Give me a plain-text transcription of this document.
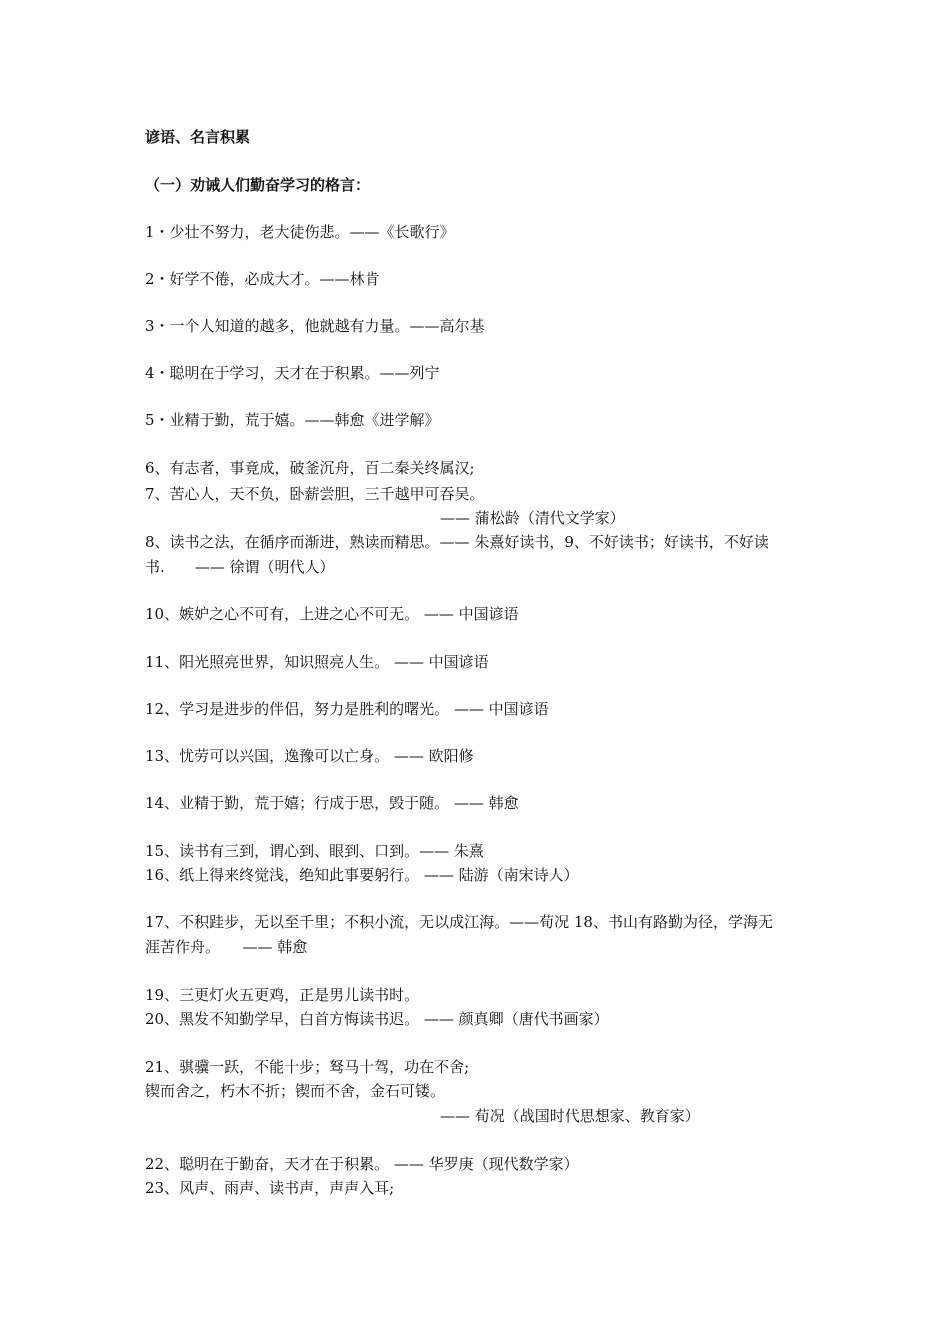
谚语、名言积累
（一）劝诫人们勤奋学习的格言：
1・少壮不努力，老大徒伤悲。——《长歌行》
2・好学不倦，必成大才。——林肯
3・一个人知道的越多，他就越有力量。——高尔基
4・聪明在于学习，天才在于积累。——列宁
5・业精于勤，荒于嬉。——韩愈《进学解》
6、有志者，事竟成，破釜沉舟，百二秦关终属汉;
7、苦心人，天不负，卧薪尝胆，三千越甲可吞吴。
—— 蒲松龄（清代文学家）
8、读书之法，在循序而渐进，熟读而精思。—— 朱熹好读书，9、不好读书；好读书，不好读
书.　　—— 徐谓（明代人）
10、嫉妒之心不可有，上进之心不可无。 —— 中国谚语
11、阳光照亮世界，知识照亮人生。 —— 中国谚语
12、学习是进步的伴侣，努力是胜利的曙光。 —— 中国谚语
13、忧劳可以兴国，逸豫可以亡身。 —— 欧阳修
14、业精于勤，荒于嬉；行成于思，毁于随。 —— 韩愈
15、读书有三到，谓心到、眼到、口到。—— 朱熹
16、纸上得来终觉浅，绝知此事要躬行。 —— 陆游（南宋诗人）
17、不积跬步，无以至千里；不积小流，无以成江海。——荀况 18、书山有路勤为径，学海无
涯苦作舟。　　—— 韩愈
19、三更灯火五更鸡，正是男儿读书时。
20、黑发不知勤学早，白首方悔读书迟。 —— 颜真卿（唐代书画家）
21、骐骥一跃，不能十步；驽马十驾，功在不舍;
锲而舍之，朽木不折；锲而不舍，金石可镂。
—— 荀况（战国时代思想家、教育家）
22、聪明在于勤奋，天才在于积累。 —— 华罗庚（现代数学家）
23、风声、雨声、读书声，声声入耳;
